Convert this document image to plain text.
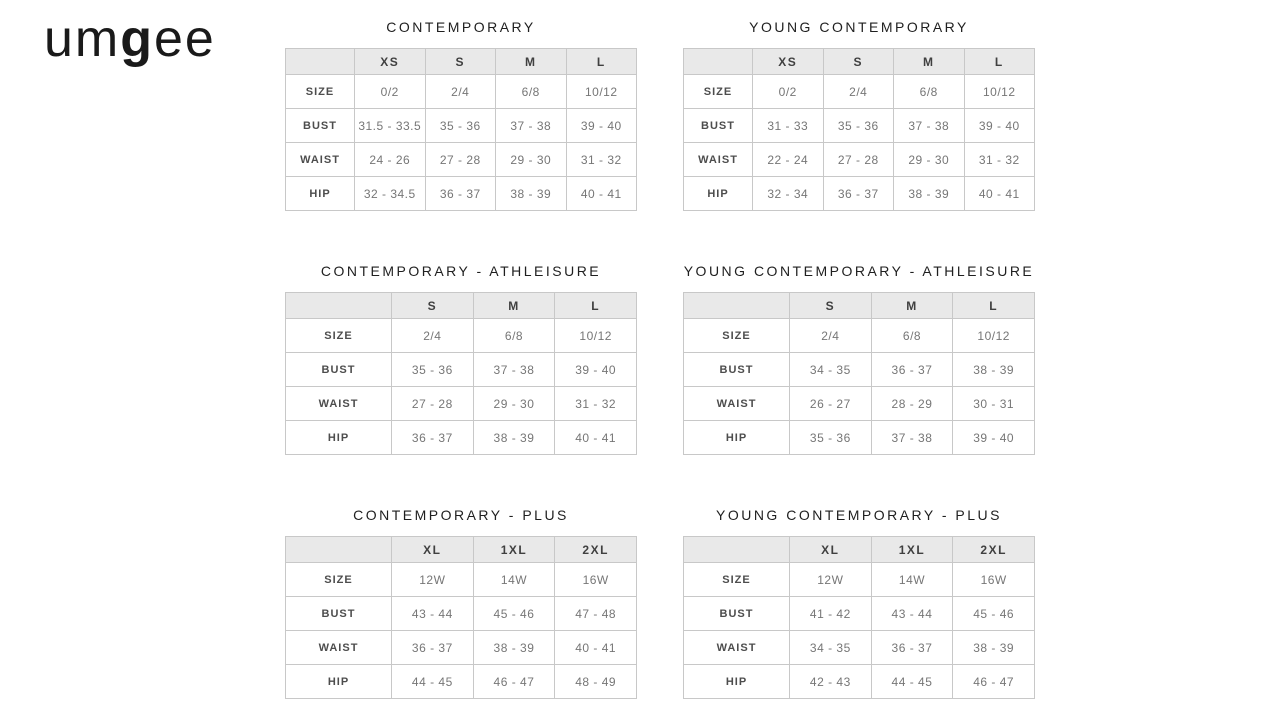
umgee	CONTEMPORARY
	XS	S	M	L
SIZE	0/2	2/4	6/8	10/12
BUST	31.5 - 33.5	35 - 36	37 - 38	39 - 40
WAIST	24 - 26	27 - 28	29 - 30	31 - 32
HIP	32 - 34.5	36 - 37	38 - 39	40 - 41
YOUNG CONTEMPORARY
	XS	S	M	L
SIZE	0/2	2/4	6/8	10/12
BUST	31 - 33	35 - 36	37 - 38	39 - 40
WAIST	22 - 24	27 - 28	29 - 30	31 - 32
HIP	32 - 34	36 - 37	38 - 39	40 - 41
CONTEMPORARY - ATHLEISURE
	S	M	L
SIZE	2/4	6/8	10/12
BUST	35 - 36	37 - 38	39 - 40
WAIST	27 - 28	29 - 30	31 - 32
HIP	36 - 37	38 - 39	40 - 41
YOUNG CONTEMPORARY - ATHLEISURE
	S	M	L
SIZE	2/4	6/8	10/12
BUST	34 - 35	36 - 37	38 - 39
WAIST	26 - 27	28 - 29	30 - 31
HIP	35 - 36	37 - 38	39 - 40
CONTEMPORARY - PLUS
	XL	1XL	2XL
SIZE	12W	14W	16W
BUST	43 - 44	45 - 46	47 - 48
WAIST	36 - 37	38 - 39	40 - 41
HIP	44 - 45	46 - 47	48 - 49
YOUNG CONTEMPORARY - PLUS
	XL	1XL	2XL
SIZE	12W	14W	16W
BUST	41 - 42	43 - 44	45 - 46
WAIST	34 - 35	36 - 37	38 - 39
HIP	42 - 43	44 - 45	46 - 47
